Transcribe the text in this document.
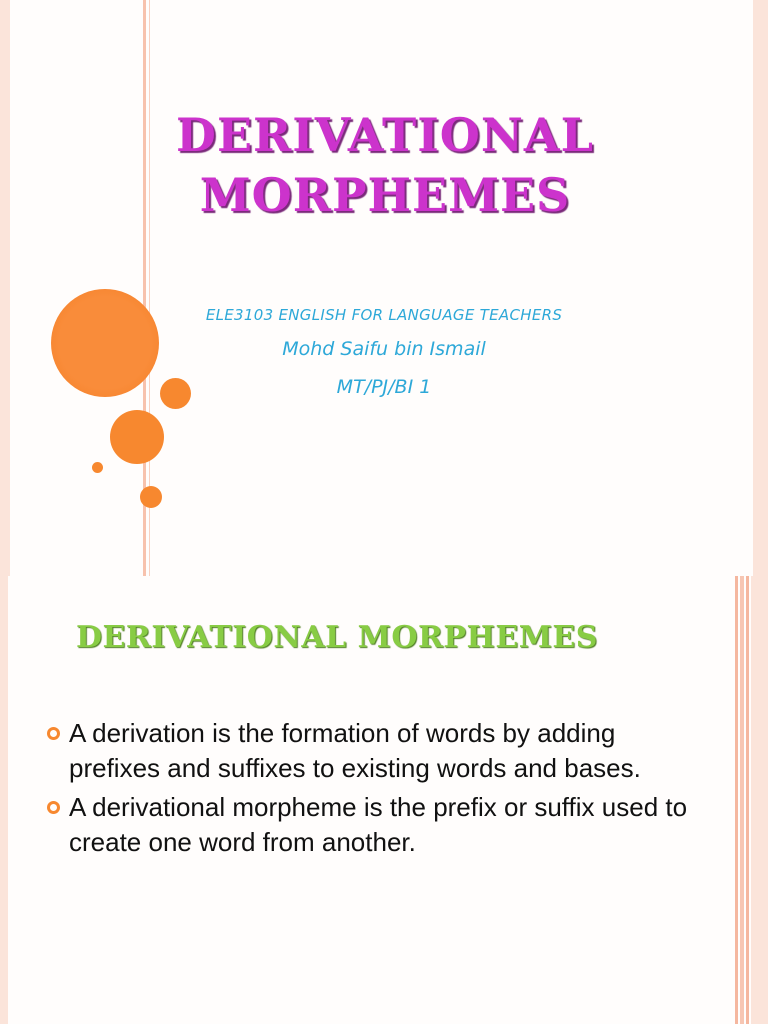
DERIVATIONAL
MORPHEMES
ELE3103 ENGLISH FOR LANGUAGE TEACHERS
Mohd Saifu bin Ismail
MT/PJ/BI 1
DERIVATIONAL MORPHEMES
A derivation is the formation of words by adding prefixes and suffixes to existing words and bases.
A derivational morpheme is the prefix or suffix used to create one word from another.
